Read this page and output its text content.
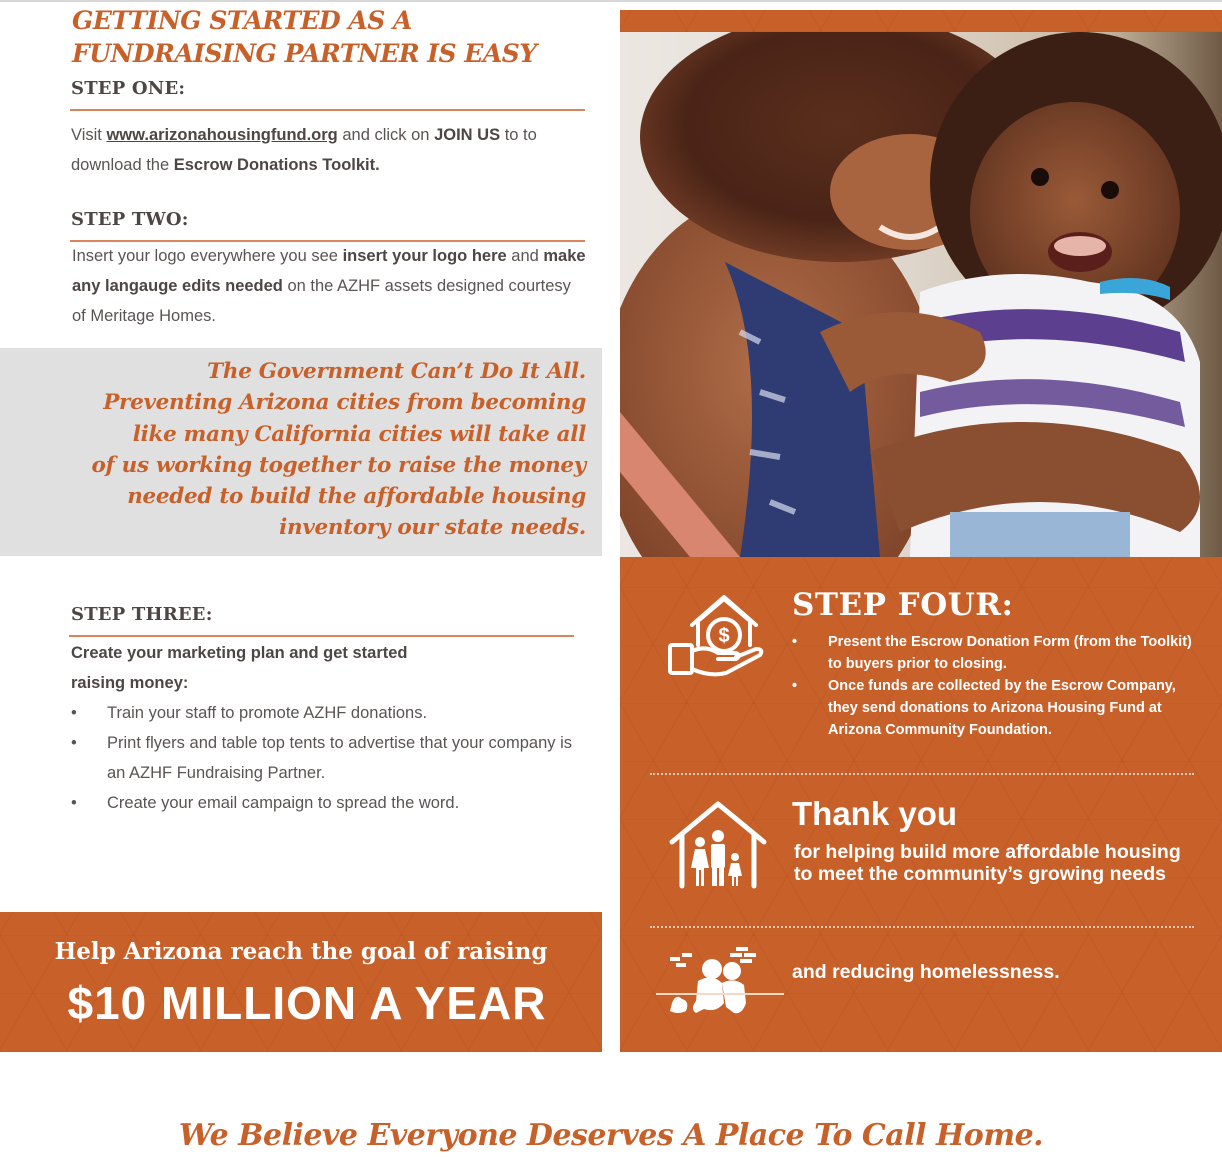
GETTING STARTED AS A
FUNDRAISING PARTNER IS EASY
STEP ONE:
Visit www.arizonahousingfund.org and click on JOIN US to to download the Escrow Donations Toolkit.
STEP TWO:
Insert your logo everywhere you see insert your logo here and make any langauge edits needed on the AZHF assets designed courtesy of Meritage Homes.
The Government Can’t Do It All.
Preventing Arizona cities from becoming
like many California cities will take all
of us working together to raise the money
needed to build the affordable housing
inventory our state needs.
STEP THREE:
Create your marketing plan and get started
raising money:
• Train your staff to promote AZHF donations.
• Print flyers and table top tents to advertise that your company is an AZHF Fundraising Partner.
• Create your email campaign to spread the word.
Help Arizona reach the goal of raising
$10 MILLION A YEAR
$
STEP FOUR:
• Present the Escrow Donation Form (from the Toolkit) to buyers prior to closing.
• Once funds are collected by the Escrow Company, they send donations to Arizona Housing Fund at Arizona Community Foundation.
Thank you
for helping build more affordable housing to meet the community’s growing needs
and reducing homelessness.
We Believe Everyone Deserves A Place To Call Home.
